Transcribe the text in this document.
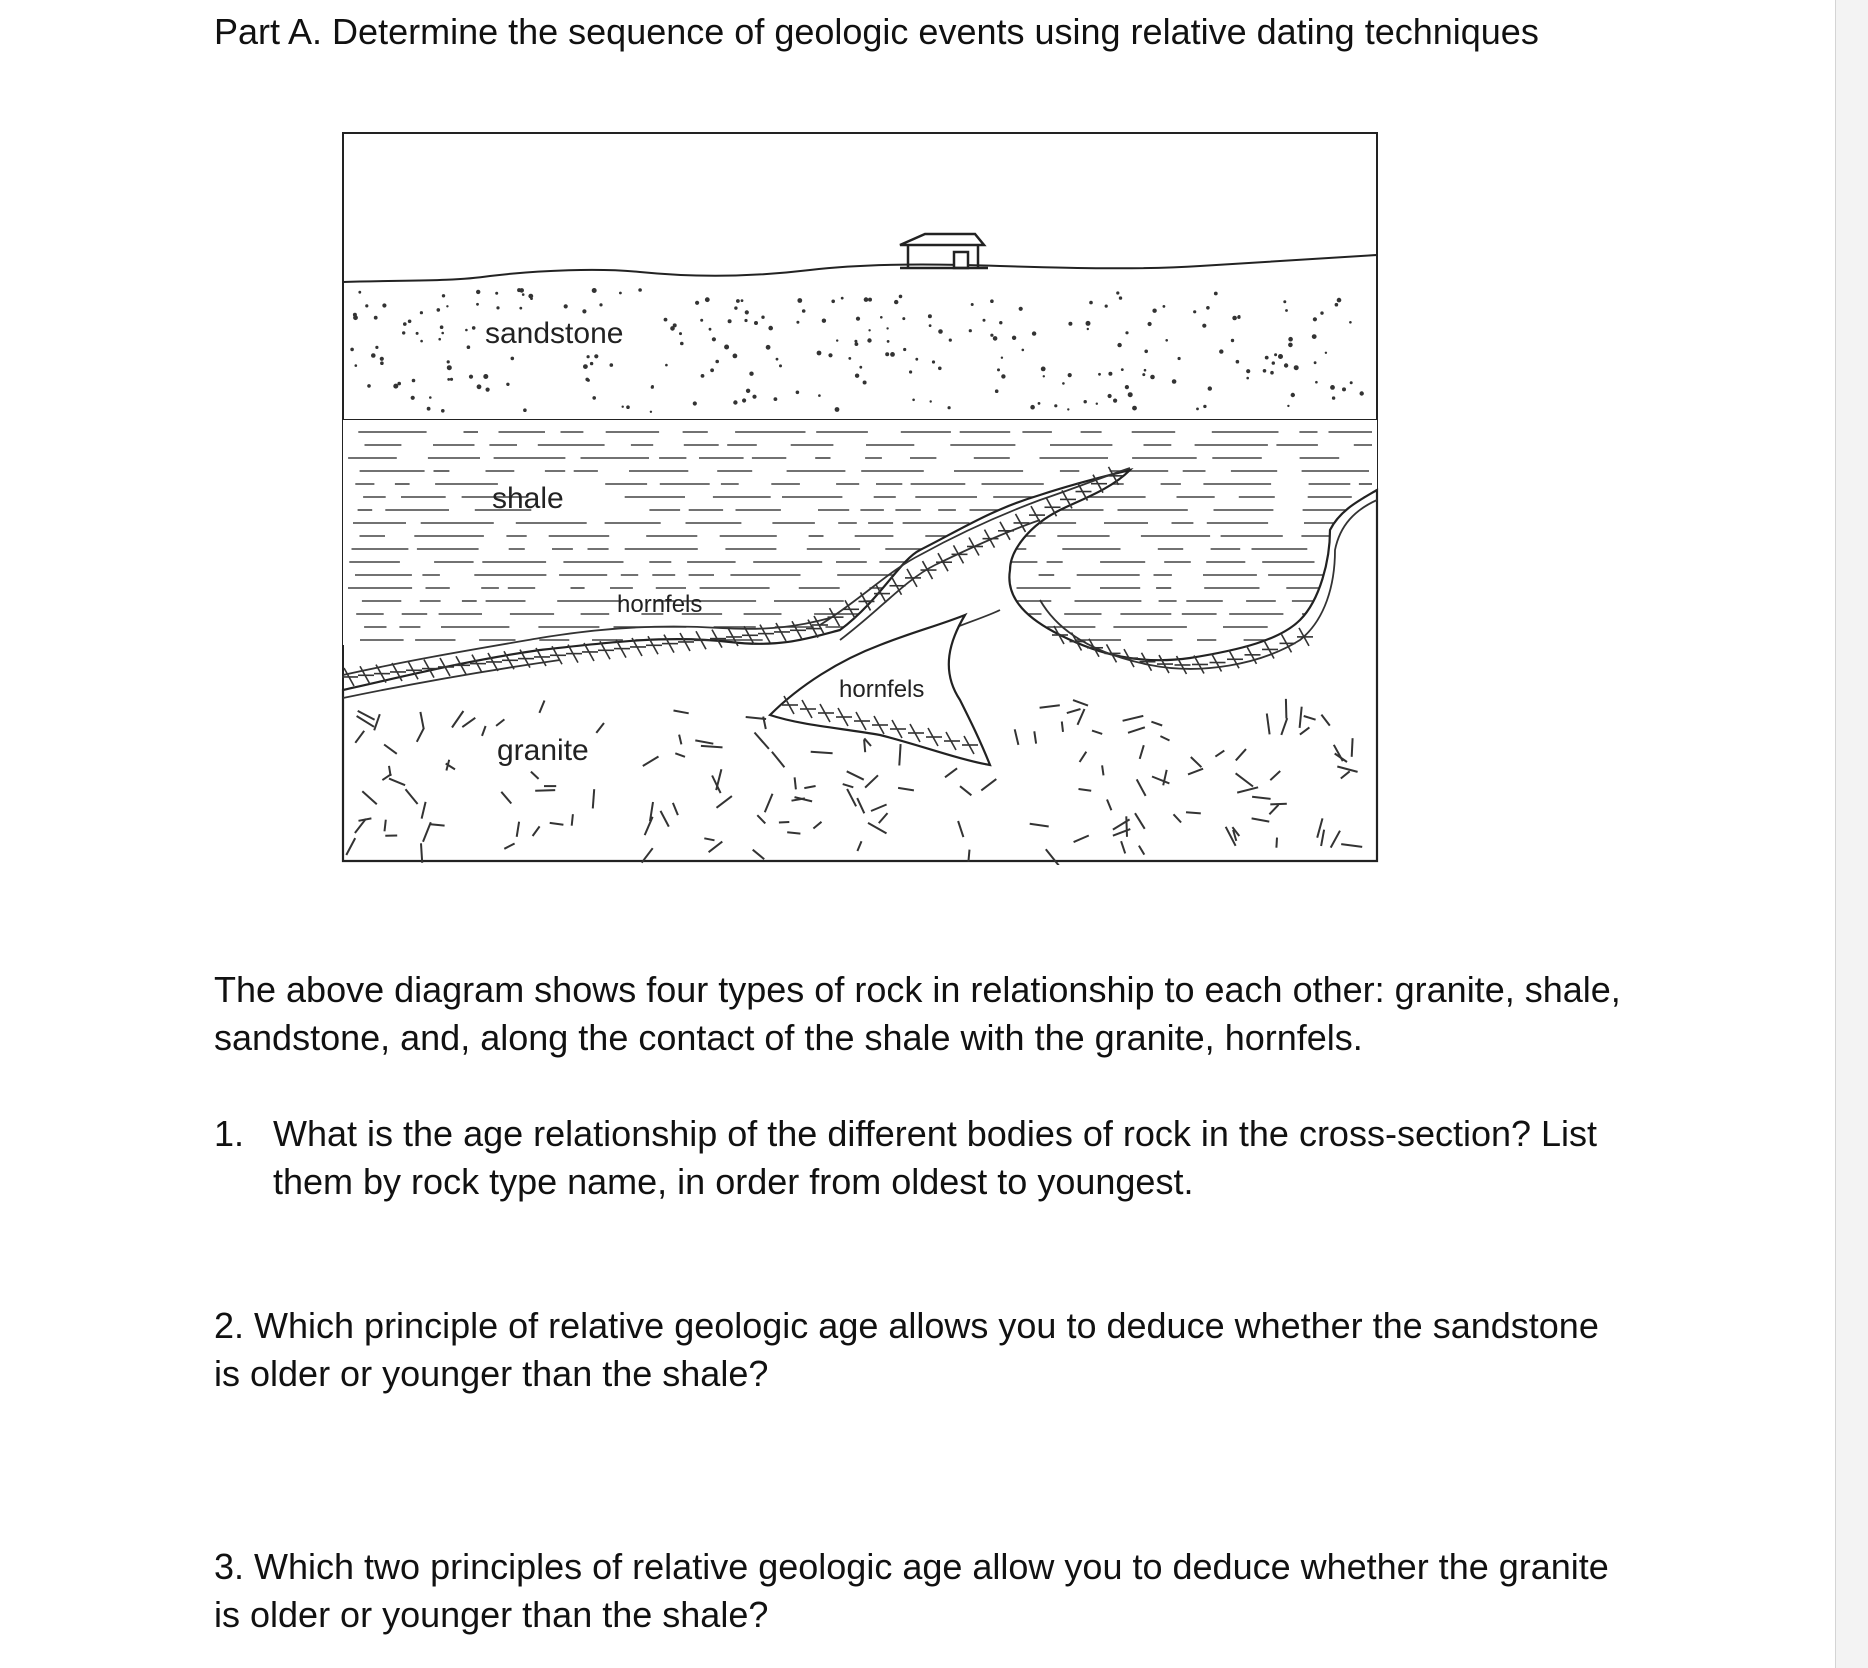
Part A. Determine the sequence of geologic events using relative dating techniques

sandstone
shale
hornfels
hornfels
granite

The above diagram shows four types of rock in relationship to each other: granite, shale, sandstone, and, along the contact of the shale with the granite, hornfels.

1. What is the age relationship of the different bodies of rock in the cross-section? List them by rock type name, in order from oldest to youngest.

2. Which principle of relative geologic age allows you to deduce whether the sandstone is older or younger than the shale?

3. Which two principles of relative geologic age allow you to deduce whether the granite is older or younger than the shale?
